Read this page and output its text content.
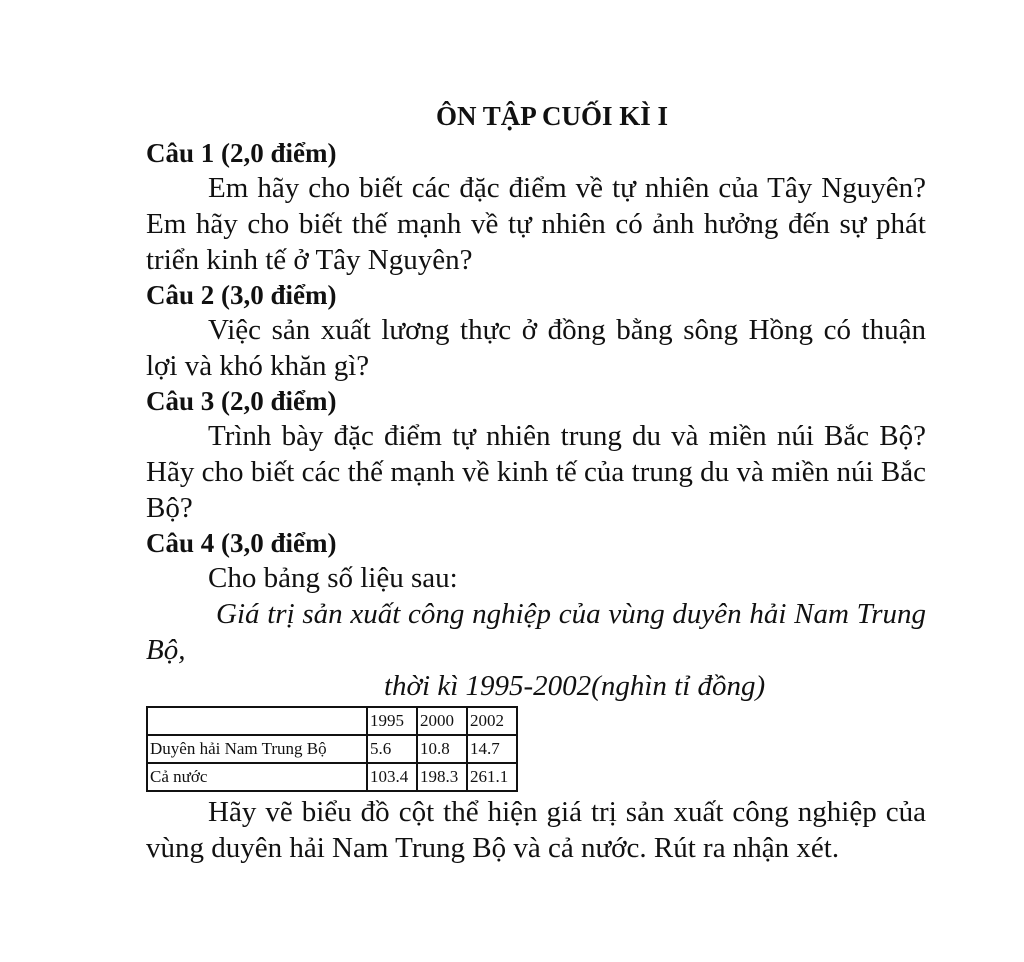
ÔN TẬP CUỐI KÌ I

Câu 1 (2,0 điểm)

Em hãy cho biết các đặc điểm về tự nhiên của Tây Nguyên?Em hãy cho biết thế mạnh về tự nhiên có ảnh hưởng đến sự phát triển kinh tế ở Tây Nguyên?

Câu 2 (3,0 điểm)

Việc sản xuất lương thực ở đồng bằng sông Hồng có thuận lợi và khó khăn gì?

Câu 3 (2,0 điểm)

Trình bày đặc điểm tự nhiên trung du và miền núi Bắc Bộ? Hãy cho biết các thế mạnh về kinh tế của trung du và miền núi Bắc Bộ?

Câu 4 (3,0 điểm)

Cho bảng số liệu sau:

Giá trị sản xuất công nghiệp của vùng duyên hải Nam Trung Bộ,

thời kì 1995-2002(nghìn tỉ đồng)

	1995	2000	2002
Duyên hải Nam Trung Bộ	5.6	10.8	14.7
Cả nước	103.4	198.3	261.1

Hãy vẽ biểu đồ cột thể hiện giá trị sản xuất công nghiệp của vùng duyên hải Nam Trung Bộ và cả nước. Rút ra nhận xét.
